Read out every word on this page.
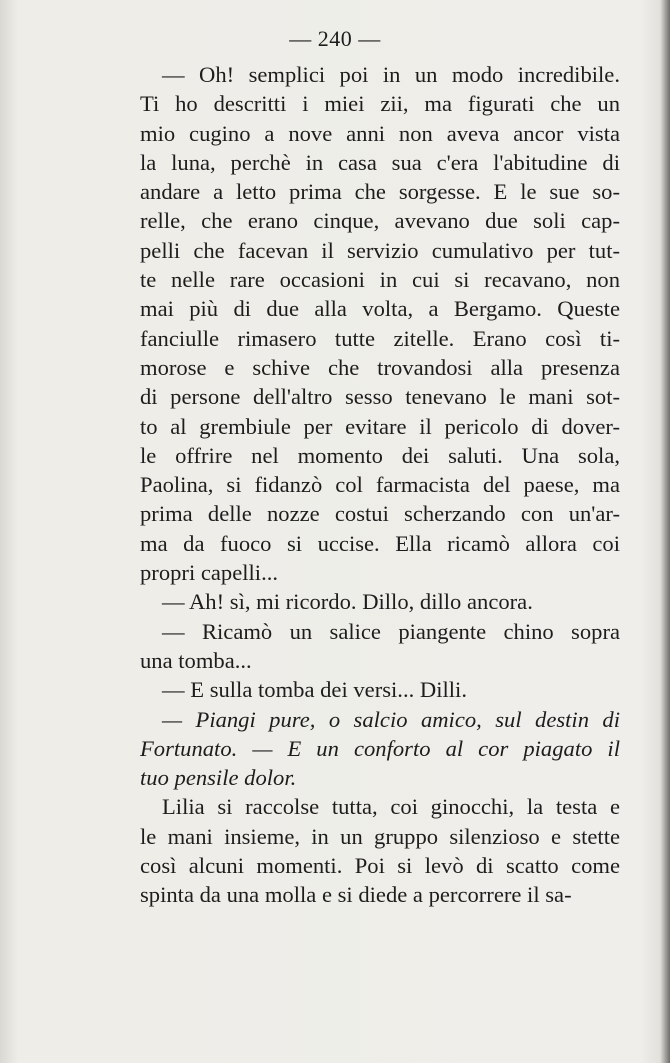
— 240 —
— Oh! semplici poi in un modo incredibile.
Ti ho descritti i miei zii, ma figurati che un
mio cugino a nove anni non aveva ancor vista
la luna, perchè in casa sua c'era l'abitudine di
andare a letto prima che sorgesse. E le sue so-
relle, che erano cinque, avevano due soli cap-
pelli che facevan il servizio cumulativo per tut-
te nelle rare occasioni in cui si recavano, non
mai più di due alla volta, a Bergamo. Queste
fanciulle rimasero tutte zitelle. Erano così ti-
morose e schive che trovandosi alla presenza
di persone dell'altro sesso tenevano le mani sot-
to al grembiule per evitare il pericolo di dover-
le offrire nel momento dei saluti. Una sola,
Paolina, si fidanzò col farmacista del paese, ma
prima delle nozze costui scherzando con un'ar-
ma da fuoco si uccise. Ella ricamò allora coi
propri capelli...
— Ah! sì, mi ricordo. Dillo, dillo ancora.
— Ricamò un salice piangente chino sopra
una tomba...
— E sulla tomba dei versi... Dilli.
— Piangi pure, o salcio amico, sul destin di
Fortunato. — E un conforto al cor piagato il
tuo pensile dolor.
Lilia si raccolse tutta, coi ginocchi, la testa e
le mani insieme, in un gruppo silenzioso e stette
così alcuni momenti. Poi si levò di scatto come
spinta da una molla e si diede a percorrere il sa-
